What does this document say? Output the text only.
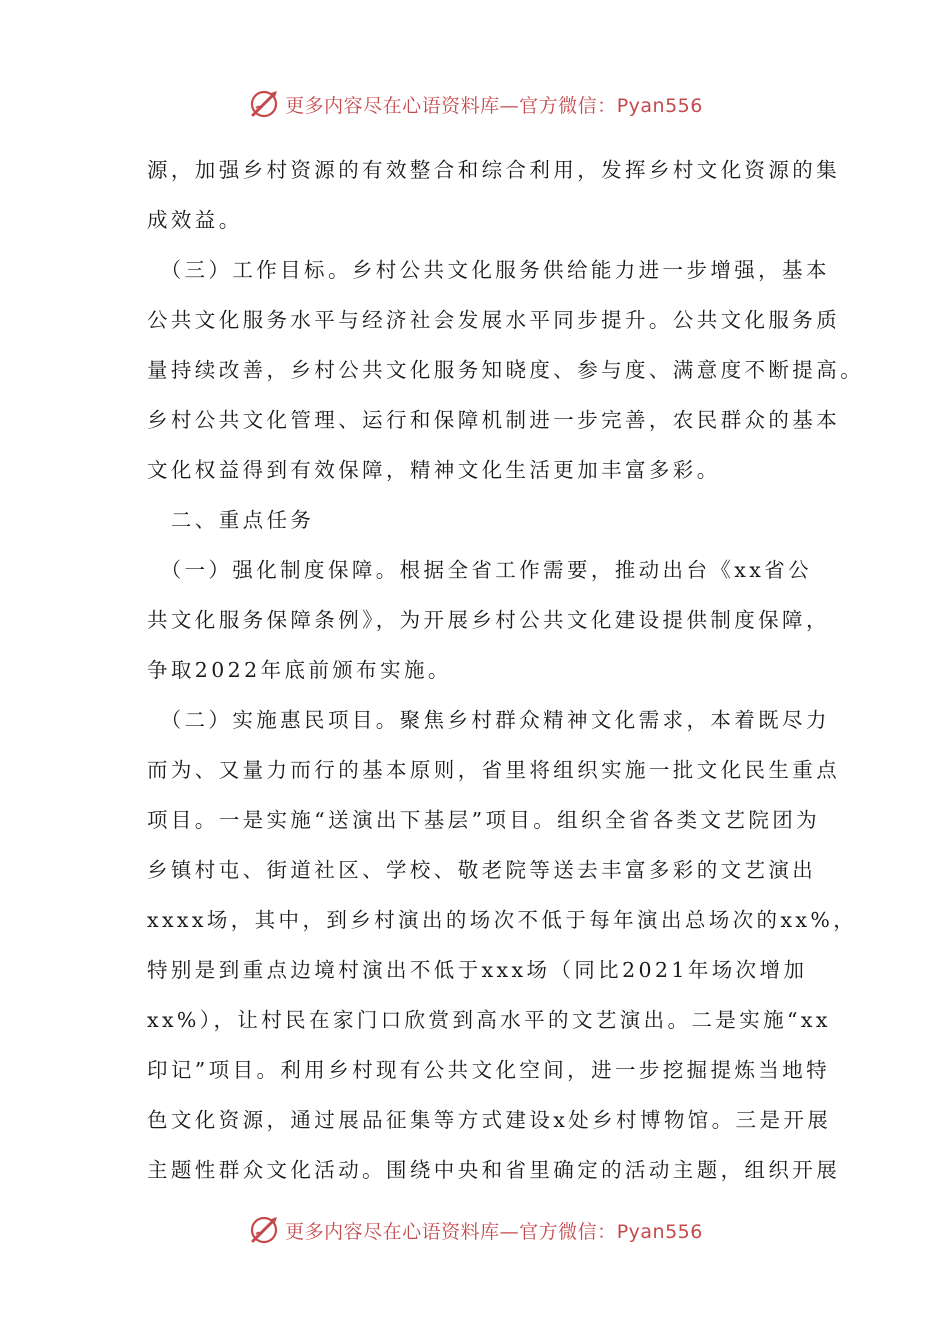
更多内容尽在心语资料库—官方微信：Pyan556
源，加强乡村资源的有效整合和综合利用，发挥乡村文化资源的集
成效益。
　（三）工作目标。乡村公共文化服务供给能力进一步增强，基本
公共文化服务水平与经济社会发展水平同步提升。公共文化服务质
量持续改善，乡村公共文化服务知晓度、参与度、满意度不断提高。
乡村公共文化管理、运行和保障机制进一步完善，农民群众的基本
文化权益得到有效保障，精神文化生活更加丰富多彩。
　二、重点任务
　（一）强化制度保障。根据全省工作需要，推动出台《xx省公
共文化服务保障条例》，为开展乡村公共文化建设提供制度保障，
争取2022年底前颁布实施。
　（二）实施惠民项目。聚焦乡村群众精神文化需求，本着既尽力
而为、又量力而行的基本原则，省里将组织实施一批文化民生重点
项目。一是实施“送演出下基层”项目。组织全省各类文艺院团为
乡镇村屯、街道社区、学校、敬老院等送去丰富多彩的文艺演出
xxxx场，其中，到乡村演出的场次不低于每年演出总场次的xx%，
特别是到重点边境村演出不低于xxx场（同比2021年场次增加
xx%），让村民在家门口欣赏到高水平的文艺演出。二是实施“xx
印记”项目。利用乡村现有公共文化空间，进一步挖掘提炼当地特
色文化资源，通过展品征集等方式建设x处乡村博物馆。三是开展
主题性群众文化活动。围绕中央和省里确定的活动主题，组织开展
更多内容尽在心语资料库—官方微信：Pyan556
